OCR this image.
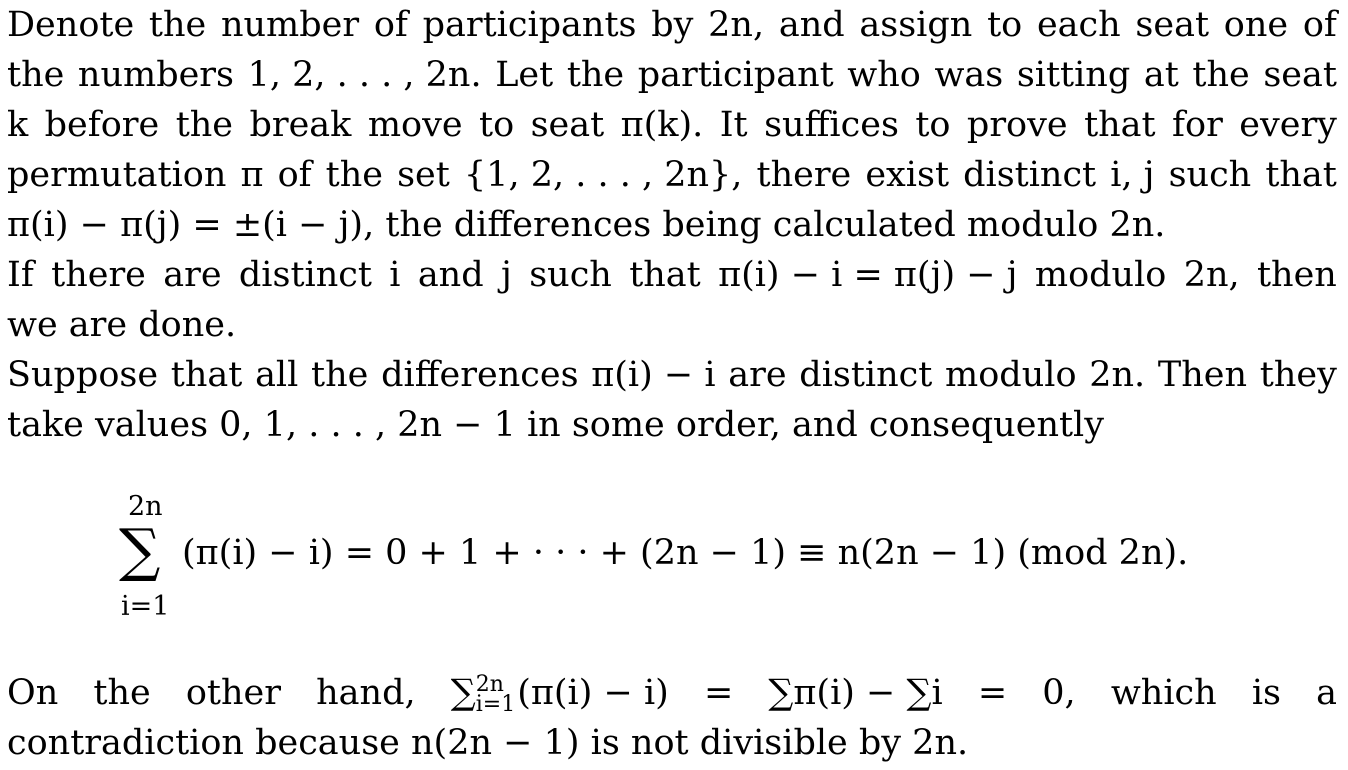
Denote the number of participants by 2n, and assign to each seat one of
the numbers 1, 2, . . . , 2n. Let the participant who was sitting at the seat
k before the break move to seat π(k). It suffices to prove that for every
permutation π of the set {1, 2, . . . , 2n}, there exist distinct i, j such that
π(i) − π(j) = ±(i − j), the differences being calculated modulo 2n.
If there are distinct i and j such that π(i) − i = π(j) − j modulo 2n, then
we are done.
Suppose that all the differences π(i) − i are distinct modulo 2n. Then they
take values 0, 1, . . . , 2n − 1 in some order, and consequently
2n
∑
i=1
(π(i) − i) = 0 + 1 + · · · + (2n − 1) ≡ n(2n − 1) (mod 2n).
On the other hand, ∑ 2n
i=1 (π(i) − i) = ∑π(i) − ∑i = 0, which is a
contradiction because n(2n − 1) is not divisible by 2n.
